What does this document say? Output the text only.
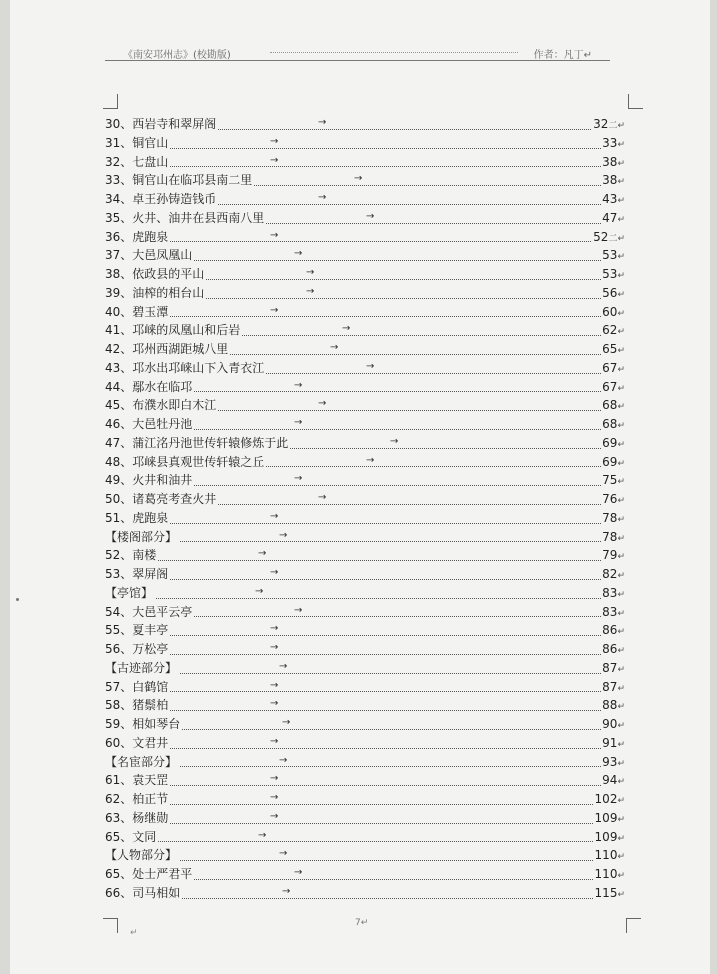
《南安邛州志》(校勘版)	作者：凡丁↵
30、西岩寺和翠屏阁	→	32二↵
31、铜官山	→	33↵
32、七盘山	→	38↵
33、铜官山在临邛县南二里	→	38↵
34、卓王孙铸造钱币	→	43↵
35、火井、油井在县西南八里	→	47↵
36、虎跑泉	→	52二↵
37、大邑凤凰山	→	53↵
38、依政县的平山	→	53↵
39、油榨的相台山	→	56↵
40、碧玉潭	→	60↵
41、邛崃的凤凰山和后岩	→	62↵
42、邛州西湖距城八里	→	65↵
43、邛水出邛崃山下入青衣江	→	67↵
44、鄢水在临邛	→	67↵
45、布濮水即白木江	→	68↵
46、大邑牡丹池	→	68↵
47、蒲江洺丹池世传轩辕修炼于此	→	69↵
48、邛崃县真观世传轩辕之丘	→	69↵
49、火井和油井	→	75↵
50、诸葛亮考查火井	→	76↵
51、虎跑泉	→	78↵
【楼阁部分】	→	78↵
52、南楼	→	79↵
53、翠屏阁	→	82↵
【亭馆】	→	83↵
54、大邑平云亭	→	83↵
55、夏丰亭	→	86↵
56、万松亭	→	86↵
【古迹部分】	→	87↵
57、白鹤馆	→	87↵
58、猪鬃柏	→	88↵
59、相如琴台	→	90↵
60、文君井	→	91↵
【名宦部分】	→	93↵
61、袁天罡	→	94↵
62、柏正节	→	102↵
63、杨继勋	→	109↵
65、文同	→	109↵
【人物部分】	→	110↵
65、处士严君平	→	110↵
66、司马相如	→	115↵
7↵
↵
